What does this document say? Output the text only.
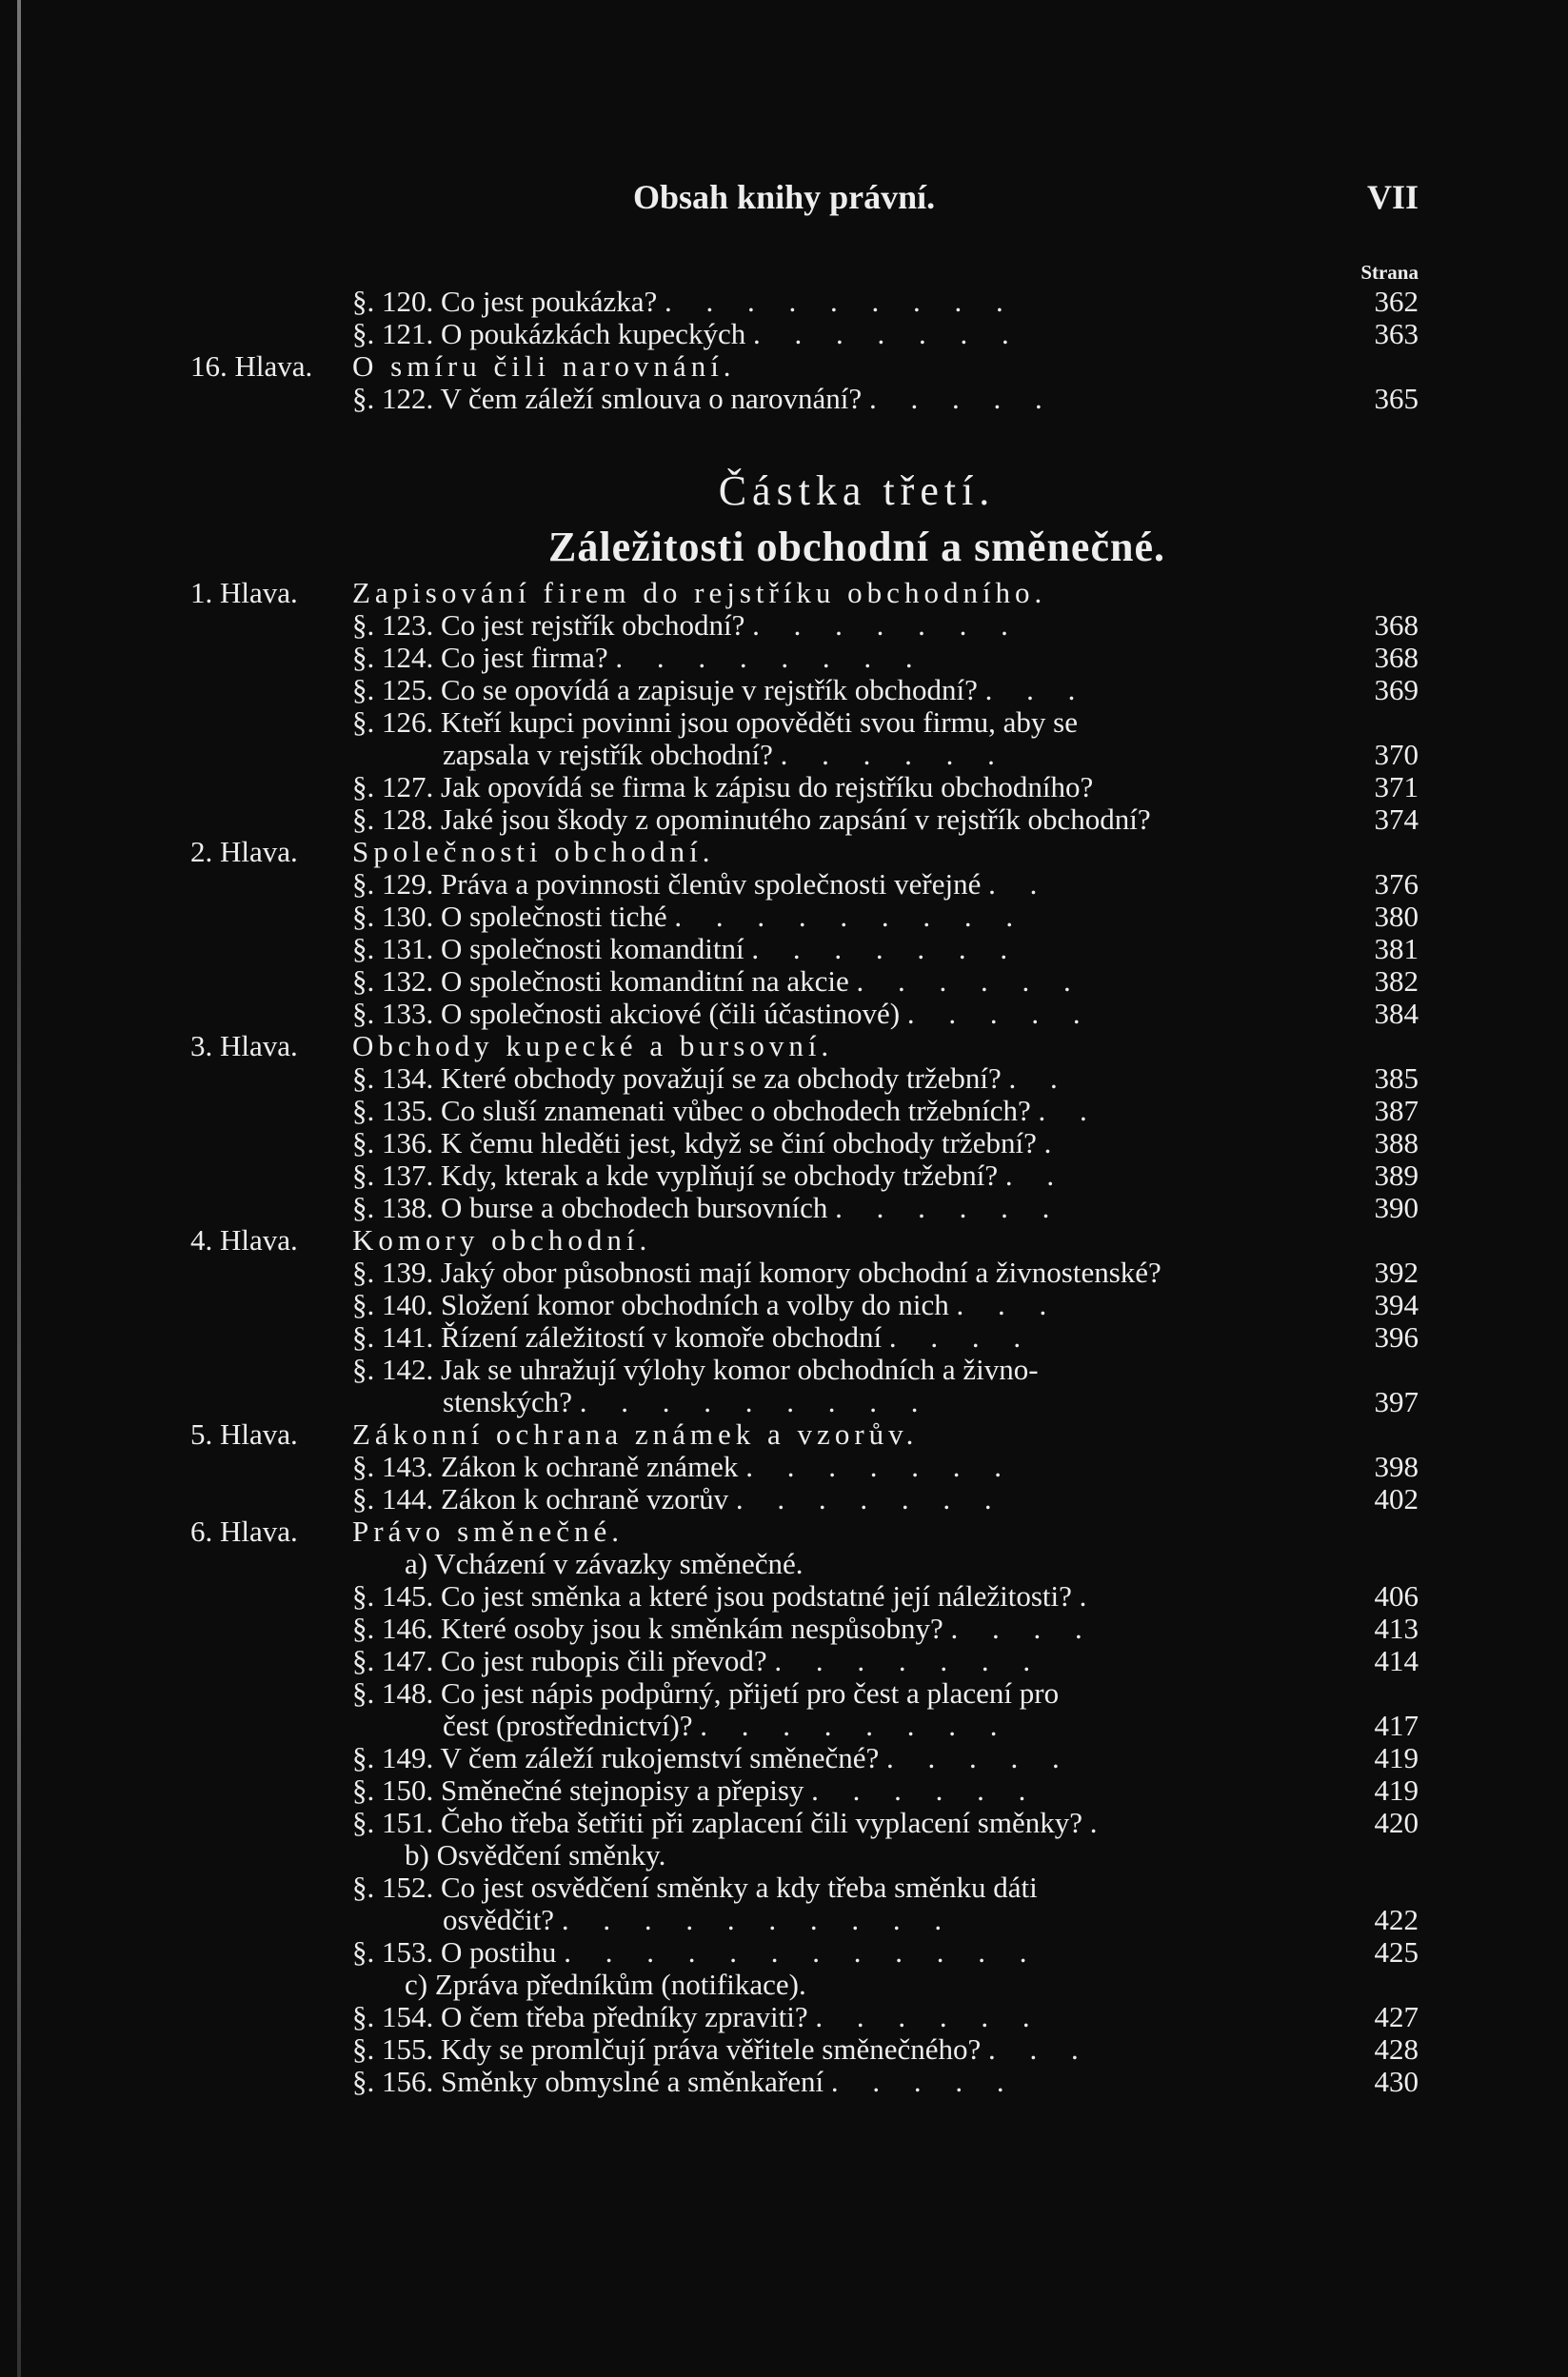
Obsah knihy právní.	VII
Strana
§. 120. Co jest poukázka? . . . . . . . . .	362
§. 121. O poukázkách kupeckých . . . . . . .	363
16. Hlava. O smíru čili narovnání.
§. 122. V čem záleží smlouva o narovnání? . . . . .	365
Částka třetí.
Záležitosti obchodní a směnečné.
1. Hlava. Zapisování firem do rejstříku obchodního.
§. 123. Co jest rejstřík obchodní? . . . . . . .	368
§. 124. Co jest firma? . . . . . . . .	368
§. 125. Co se opovídá a zapisuje v rejstřík obchodní? . . .	369
§. 126. Kteří kupci povinni jsou opověděti svou firmu, aby se
zapsala v rejstřík obchodní? . . . . . .	370
§. 127. Jak opovídá se firma k zápisu do rejstříku obchodního?	371
§. 128. Jaké jsou škody z opominutého zapsání v rejstřík obchodní?	374
2. Hlava. Společnosti obchodní.
§. 129. Práva a povinnosti členův společnosti veřejné . .	376
§. 130. O společnosti tiché . . . . . . . . .	380
§. 131. O společnosti komanditní . . . . . . .	381
§. 132. O společnosti komanditní na akcie . . . . . .	382
§. 133. O společnosti akciové (čili účastinové) . . . . .	384
3. Hlava. Obchody kupecké a bursovní.
§. 134. Které obchody považují se za obchody tržební? . .	385
§. 135. Co sluší znamenati vůbec o obchodech tržebních? . .	387
§. 136. K čemu hleděti jest, když se činí obchody tržební? .	388
§. 137. Kdy, kterak a kde vyplňují se obchody tržební? . .	389
§. 138. O burse a obchodech bursovních . . . . . .	390
4. Hlava. Komory obchodní.
§. 139. Jaký obor působnosti mají komory obchodní a živnostenské?	392
§. 140. Složení komor obchodních a volby do nich . . .	394
§. 141. Řízení záležitostí v komoře obchodní . . . .	396
§. 142. Jak se uhražují výlohy komor obchodních a živno-
stenských? . . . . . . . . .	397
5. Hlava. Zákonní ochrana známek a vzorův.
§. 143. Zákon k ochraně známek . . . . . . .	398
§. 144. Zákon k ochraně vzorův . . . . . . .	402
6. Hlava. Právo směnečné.
a) Vcházení v závazky směnečné.
§. 145. Co jest směnka a které jsou podstatné její náležitosti? .	406
§. 146. Které osoby jsou k směnkám nespůsobny? . . . .	413
§. 147. Co jest rubopis čili převod? . . . . . . .	414
§. 148. Co jest nápis podpůrný, přijetí pro čest a placení pro
čest (prostřednictví)? . . . . . . . .	417
§. 149. V čem záleží rukojemství směnečné? . . . . .	419
§. 150. Směnečné stejnopisy a přepisy . . . . . .	419
§. 151. Čeho třeba šetřiti při zaplacení čili vyplacení směnky? .	420
b) Osvědčení směnky.
§. 152. Co jest osvědčení směnky a kdy třeba směnku dáti
osvědčit? . . . . . . . . . .	422
§. 153. O postihu . . . . . . . . . . . .	425
c) Zpráva předníkům (notifikace).
§. 154. O čem třeba předníky zpraviti? . . . . . .	427
§. 155. Kdy se promlčují práva věřitele směnečného? . . .	428
§. 156. Směnky obmyslné a směnkaření . . . . .	430
